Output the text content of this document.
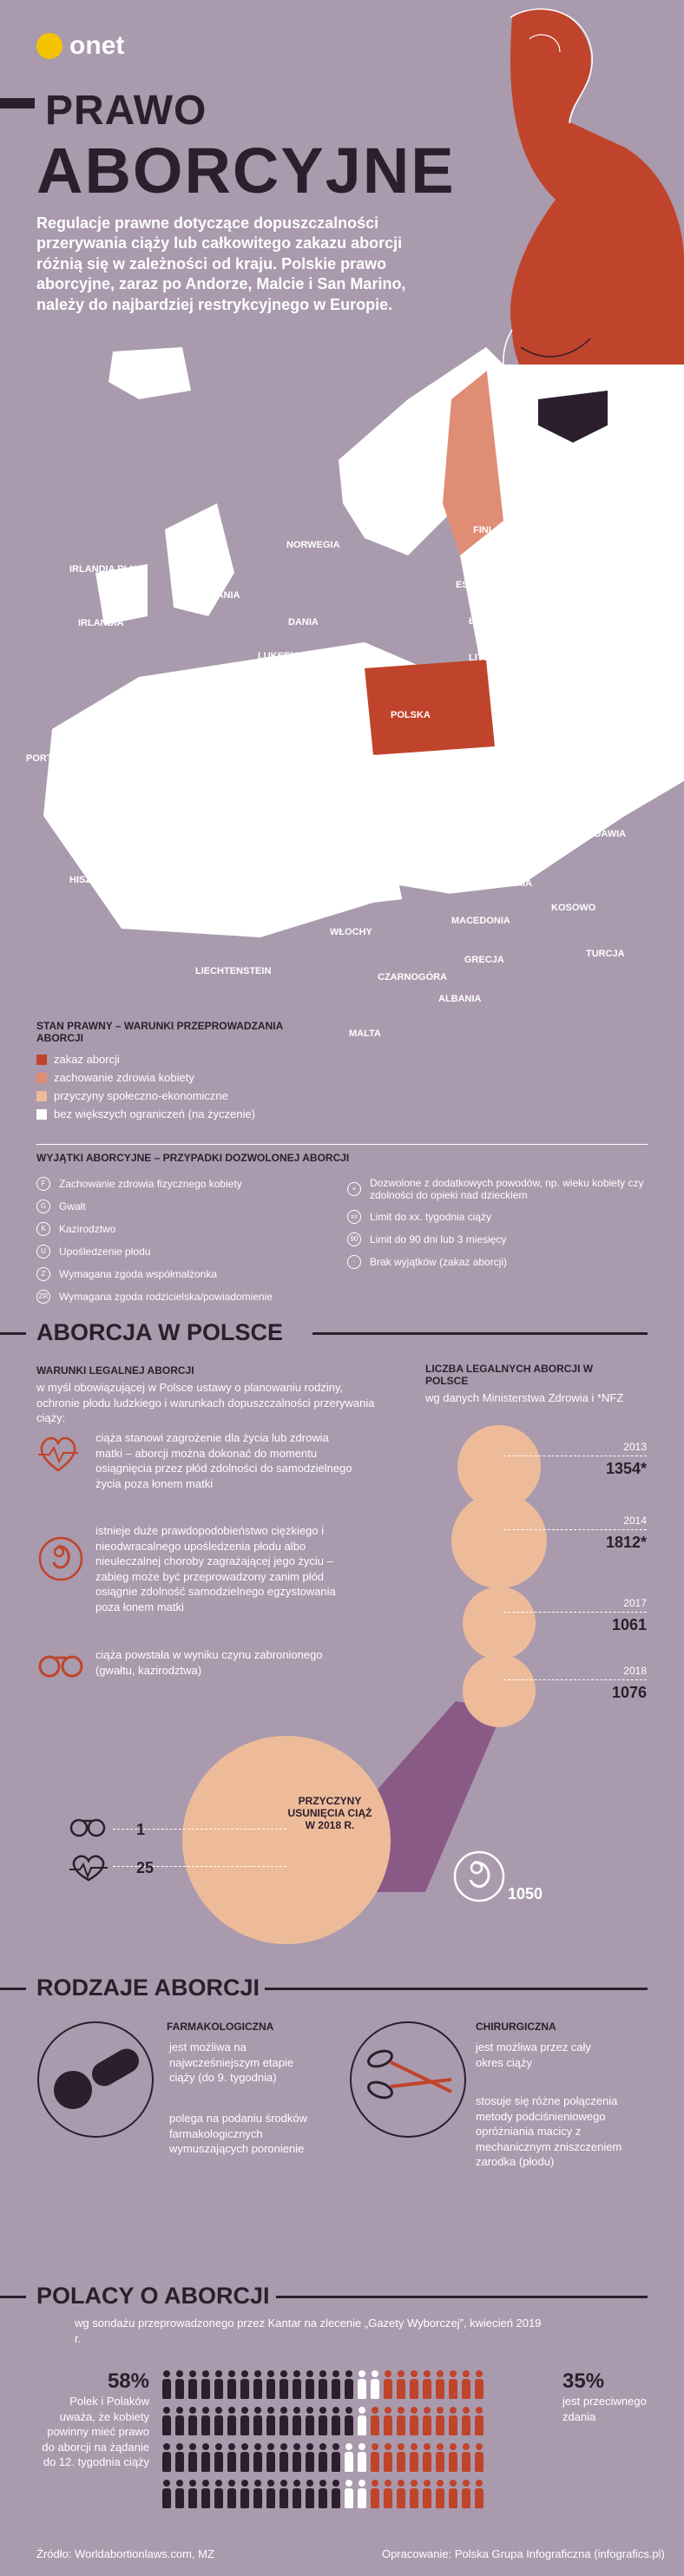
onet
PRAWO
ABORCYJNE
Regulacje prawne dotyczące dopuszczalności przerywania ciąży lub całkowitego zakazu aborcji różnią się w zależności od kraju. Polskie prawo aborcyjne, zaraz po Andorze, Malcie i San Marino, należy do najbardziej restrykcyjnego w Europie.
ISLANDIA
IRLANDIA PŁN.
IRLANDIA
W. BRYTANIA
NORWEGIA
SZWECJA
FINLANDIA
ROSJA
ESTONIA
ŁOTWA
LITWA
DANIA
HOLANDIA
BELGIA
LUKSEMBURG
NIEMCY
POLSKA
BIAŁORUŚ
UKRAINA
PORTUGALIA
FRANCJA
SZWAJCARIA
AUSTRIA
CZECHY
SŁOWACJA
WĘGRY
SŁOWENIA
CHORWACJA
BOŚNIA I HERC.
SERBIA
RUMUNIA
MOŁDAWIA
BUŁGARIA
KOSOWO
MACEDONIA
HISZPANIA
ANDORA
MONAKO
SAN MARINO
WŁOCHY
CZARNOGÓRA
ALBANIA
GRECJA
TURCJA
LIECHTENSTEIN
MALTA
STAN PRAWNY – WARUNKI PRZEPROWADZANIA ABORCJI
zakaz aborcji
zachowanie zdrowia kobiety
przyczyny społeczno-ekonomiczne
bez większych ograniczeń (na życzenie)
WYJĄTKI ABORCYJNE – PRZYPADKI DOZWOLONEJ ABORCJI
F	Zachowanie zdrowia fizycznego kobiety
G	Gwałt
K	Kazirodztwo
U	Upośledzenie płodu
Z	Wymagana zgoda współmałżonka
ZR Wymagana zgoda rodzicielska/powiadomienie
+	Dozwolone z dodatkowych powodów, np. wieku kobiety czy zdolności do opieki nad dzieckiem
xx	Limit do xx. tygodnia ciąży
90 Limit do 90 dni lub 3 miesięcy
-	Brak wyjątków (zakaz aborcji)
ABORCJA W POLSCE
WARUNKI LEGALNEJ ABORCJI
w myśl obowiązującej w Polsce ustawy o planowaniu rodziny, ochronie płodu ludzkiego i warunkach dopuszczalności przerywania ciąży:
ciąża stanowi zagrożenie dla życia lub zdrowia matki – aborcji można dokonać do momentu osiągnięcia przez płód zdolności do samodzielnego życia poza łonem matki
istnieje duże prawdopodobieństwo ciężkiego i nieodwracalnego upośledzenia płodu albo nieuleczalnej choroby zagrażającej jego życiu – zabieg może być przeprowadzony zanim płód osiągnie zdolność samodzielnego egzystowania poza łonem matki
ciąża powstała w wyniku czynu zabronionego (gwałtu, kazirodztwa)
LICZBA LEGALNYCH ABORCJI W POLSCE
wg danych Ministerstwa Zdrowia i *NFZ
PRZYCZYNY USUNIĘCIA CIĄŻ W 2018 R.
1
25
1050
RODZAJE ABORCJI
FARMAKOLOGICZNA
jest możliwa na najwcześniejszym etapie ciąży (do 9. tygodnia)
polega na podaniu środków farmakologicznych wymuszających poronienie
CHIRURGICZNA
jest możliwa przez cały okres ciąży
stosuje się różne połączenia metody podciśnieniowego opróżniania macicy z mechanicznym zniszczeniem zarodka (płodu)
POLACY O ABORCJI
wg sondażu przeprowadzonego przez Kantar na zlecenie „Gazety Wyborczej”, kwiecień 2019 r.
58%
Polek i Polaków uważa, że kobiety powinny mieć prawo do aborcji na żądanie do 12. tygodnia ciąży
35%
jest przeciwnego zdania
Źródło: Worldabortionlaws.com, MZ	Opracowanie: Polska Grupa Infograficzna (infografics.pl)
2013
1354*
2014
1812*
2017
1061
2018
1076
